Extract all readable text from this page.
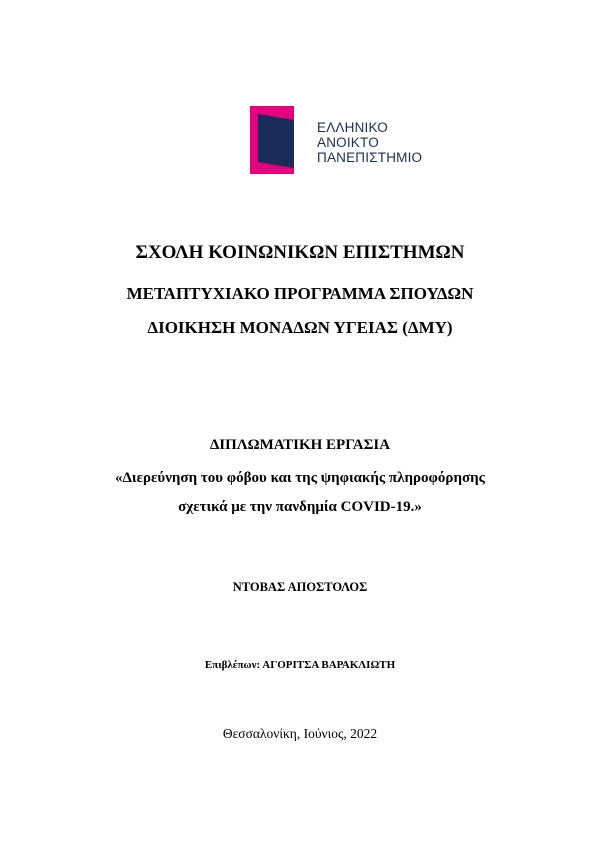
ΕΛΛΗΝΙΚΟ
ΑΝΟΙΚΤΟ
ΠΑΝΕΠΙΣΤΗΜΙΟ
ΣΧΟΛΗ ΚΟΙΝΩΝΙΚΩΝ ΕΠΙΣΤΗΜΩΝ
ΜΕΤΑΠΤΥΧΙΑΚΟ ΠΡΟΓΡΑΜΜΑ ΣΠΟΥΔΩΝ
ΔΙΟΙΚΗΣΗ ΜΟΝΑΔΩΝ ΥΓΕΙΑΣ (ΔΜΥ)
ΔΙΠΛΩΜΑΤΙΚΗ ΕΡΓΑΣΙΑ
«Διερεύνηση του φόβου και της ψηφιακής πληροφόρησης
σχετικά με την πανδημία COVID-19.»
ΝΤΟΒΑΣ ΑΠΟΣΤΟΛΟΣ
Επιβλέπων: ΑΓΟΡΙΤΣΑ ΒΑΡΑΚΛΙΩΤΗ
Θεσσαλονίκη, Ιούνιος, 2022
